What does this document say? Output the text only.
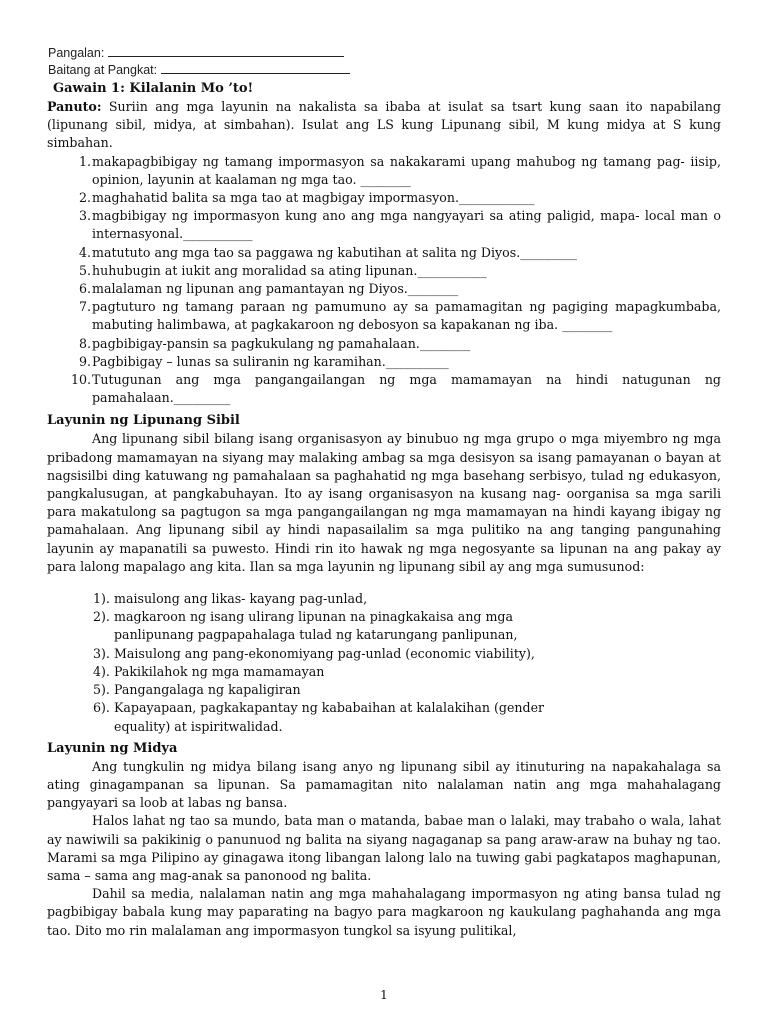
Pangalan:
Baitang at Pangkat:
Gawain 1: Kilalanin Mo ’to!

Panuto: Suriin ang mga layunin na nakalista sa ibaba at isulat sa tsart kung saan ito napabilang (lipunang sibil, midya, at simbahan). Isulat ang LS kung Lipunang sibil, M kung midya at S kung simbahan.

1 . makapagbibigay ng tamang impormasyon sa nakakarami upang mahubog ng tamang pag- iisip, opinion, layunin at kaalaman ng mga tao. ________
2 . maghahatid balita sa mga tao at magbigay impormasyon.____________
3 . magbibigay ng impormasyon kung ano ang mga nangyayari sa ating paligid, mapa- local man o internasyonal.___________
4 . matututo ang mga tao sa paggawa ng kabutihan at salita ng Diyos._________
5 . huhubugin at iukit ang moralidad sa ating lipunan.___________
6 . malalaman ng lipunan ang pamantayan ng Diyos.________
7 . pagtuturo ng tamang paraan ng pamumuno ay sa pamamagitan ng pagiging mapagkumbaba, mabuting halimbawa, at pagkakaroon ng debosyon sa kapakanan ng iba. ________
8 . pagbibigay-pansin sa pagkukulang ng pamahalaan.________
9 . Pagbibigay – lunas sa suliranin ng karamihan.__________
10 . Tutugunan ang mga pangangailangan ng mga mamamayan na hindi natugunan ng pamahalaan._________
Layunin ng Lipunang Sibil

Ang lipunang sibil bilang isang organisasyon ay binubuo ng mga grupo o mga miyembro ng mga pribadong mamamayan na siyang may malaking ambag sa mga desisyon sa isang pamayanan o bayan at nagsisilbi ding katuwang ng pamahalaan sa paghahatid ng mga basehang serbisyo, tulad ng edukasyon, pangkalusugan, at pangkabuhayan. Ito ay isang organisasyon na kusang nag- oorganisa sa mga sarili para makatulong sa pagtugon sa mga pangangailangan ng mga mamamayan na hindi kayang ibigay ng pamahalaan. Ang lipunang sibil ay hindi napasailalim sa mga pulitiko na ang tanging pangunahing layunin ay mapanatili sa puwesto. Hindi rin ito hawak ng mga negosyante sa lipunan na ang pakay ay para lalong mapalago ang kita. Ilan sa mga layunin ng lipunang sibil ay ang mga sumusunod:

1). maisulong ang likas- kayang pag-unlad,
2). magkaroon ng isang ulirang lipunan na pinagkakaisa ang mga
panlipunang pagpapahalaga tulad ng katarungang panlipunan,
3). Maisulong ang pang-ekonomiyang pag-unlad (economic viability),
4). Pakikilahok ng mga mamamayan
5). Pangangalaga ng kapaligiran
6). Kapayapaan, pagkakapantay ng kababaihan at kalalakihan (gender
equality) at ispiritwalidad.
Layunin ng Midya

Ang tungkulin ng midya bilang isang anyo ng lipunang sibil ay itinuturing na napakahalaga sa ating ginagampanan sa lipunan. Sa pamamagitan nito nalalaman natin ang mga mahahalagang pangyayari sa loob at labas ng bansa.

Halos lahat ng tao sa mundo, bata man o matanda, babae man o lalaki, may trabaho o wala, lahat ay nawiwili sa pakikinig o panunuod ng balita na siyang nagaganap sa pang araw-araw na buhay ng tao. Marami sa mga Pilipino ay ginagawa itong libangan lalong lalo na tuwing gabi pagkatapos maghapunan, sama – sama ang mag-anak sa panonood ng balita.

Dahil sa media, nalalaman natin ang mga mahahalagang impormasyon ng ating bansa tulad ng pagbibigay babala kung may paparating na bagyo para magkaroon ng kaukulang paghahanda ang mga tao. Dito mo rin malalaman ang impormasyon tungkol sa isyung pulitikal,

1
